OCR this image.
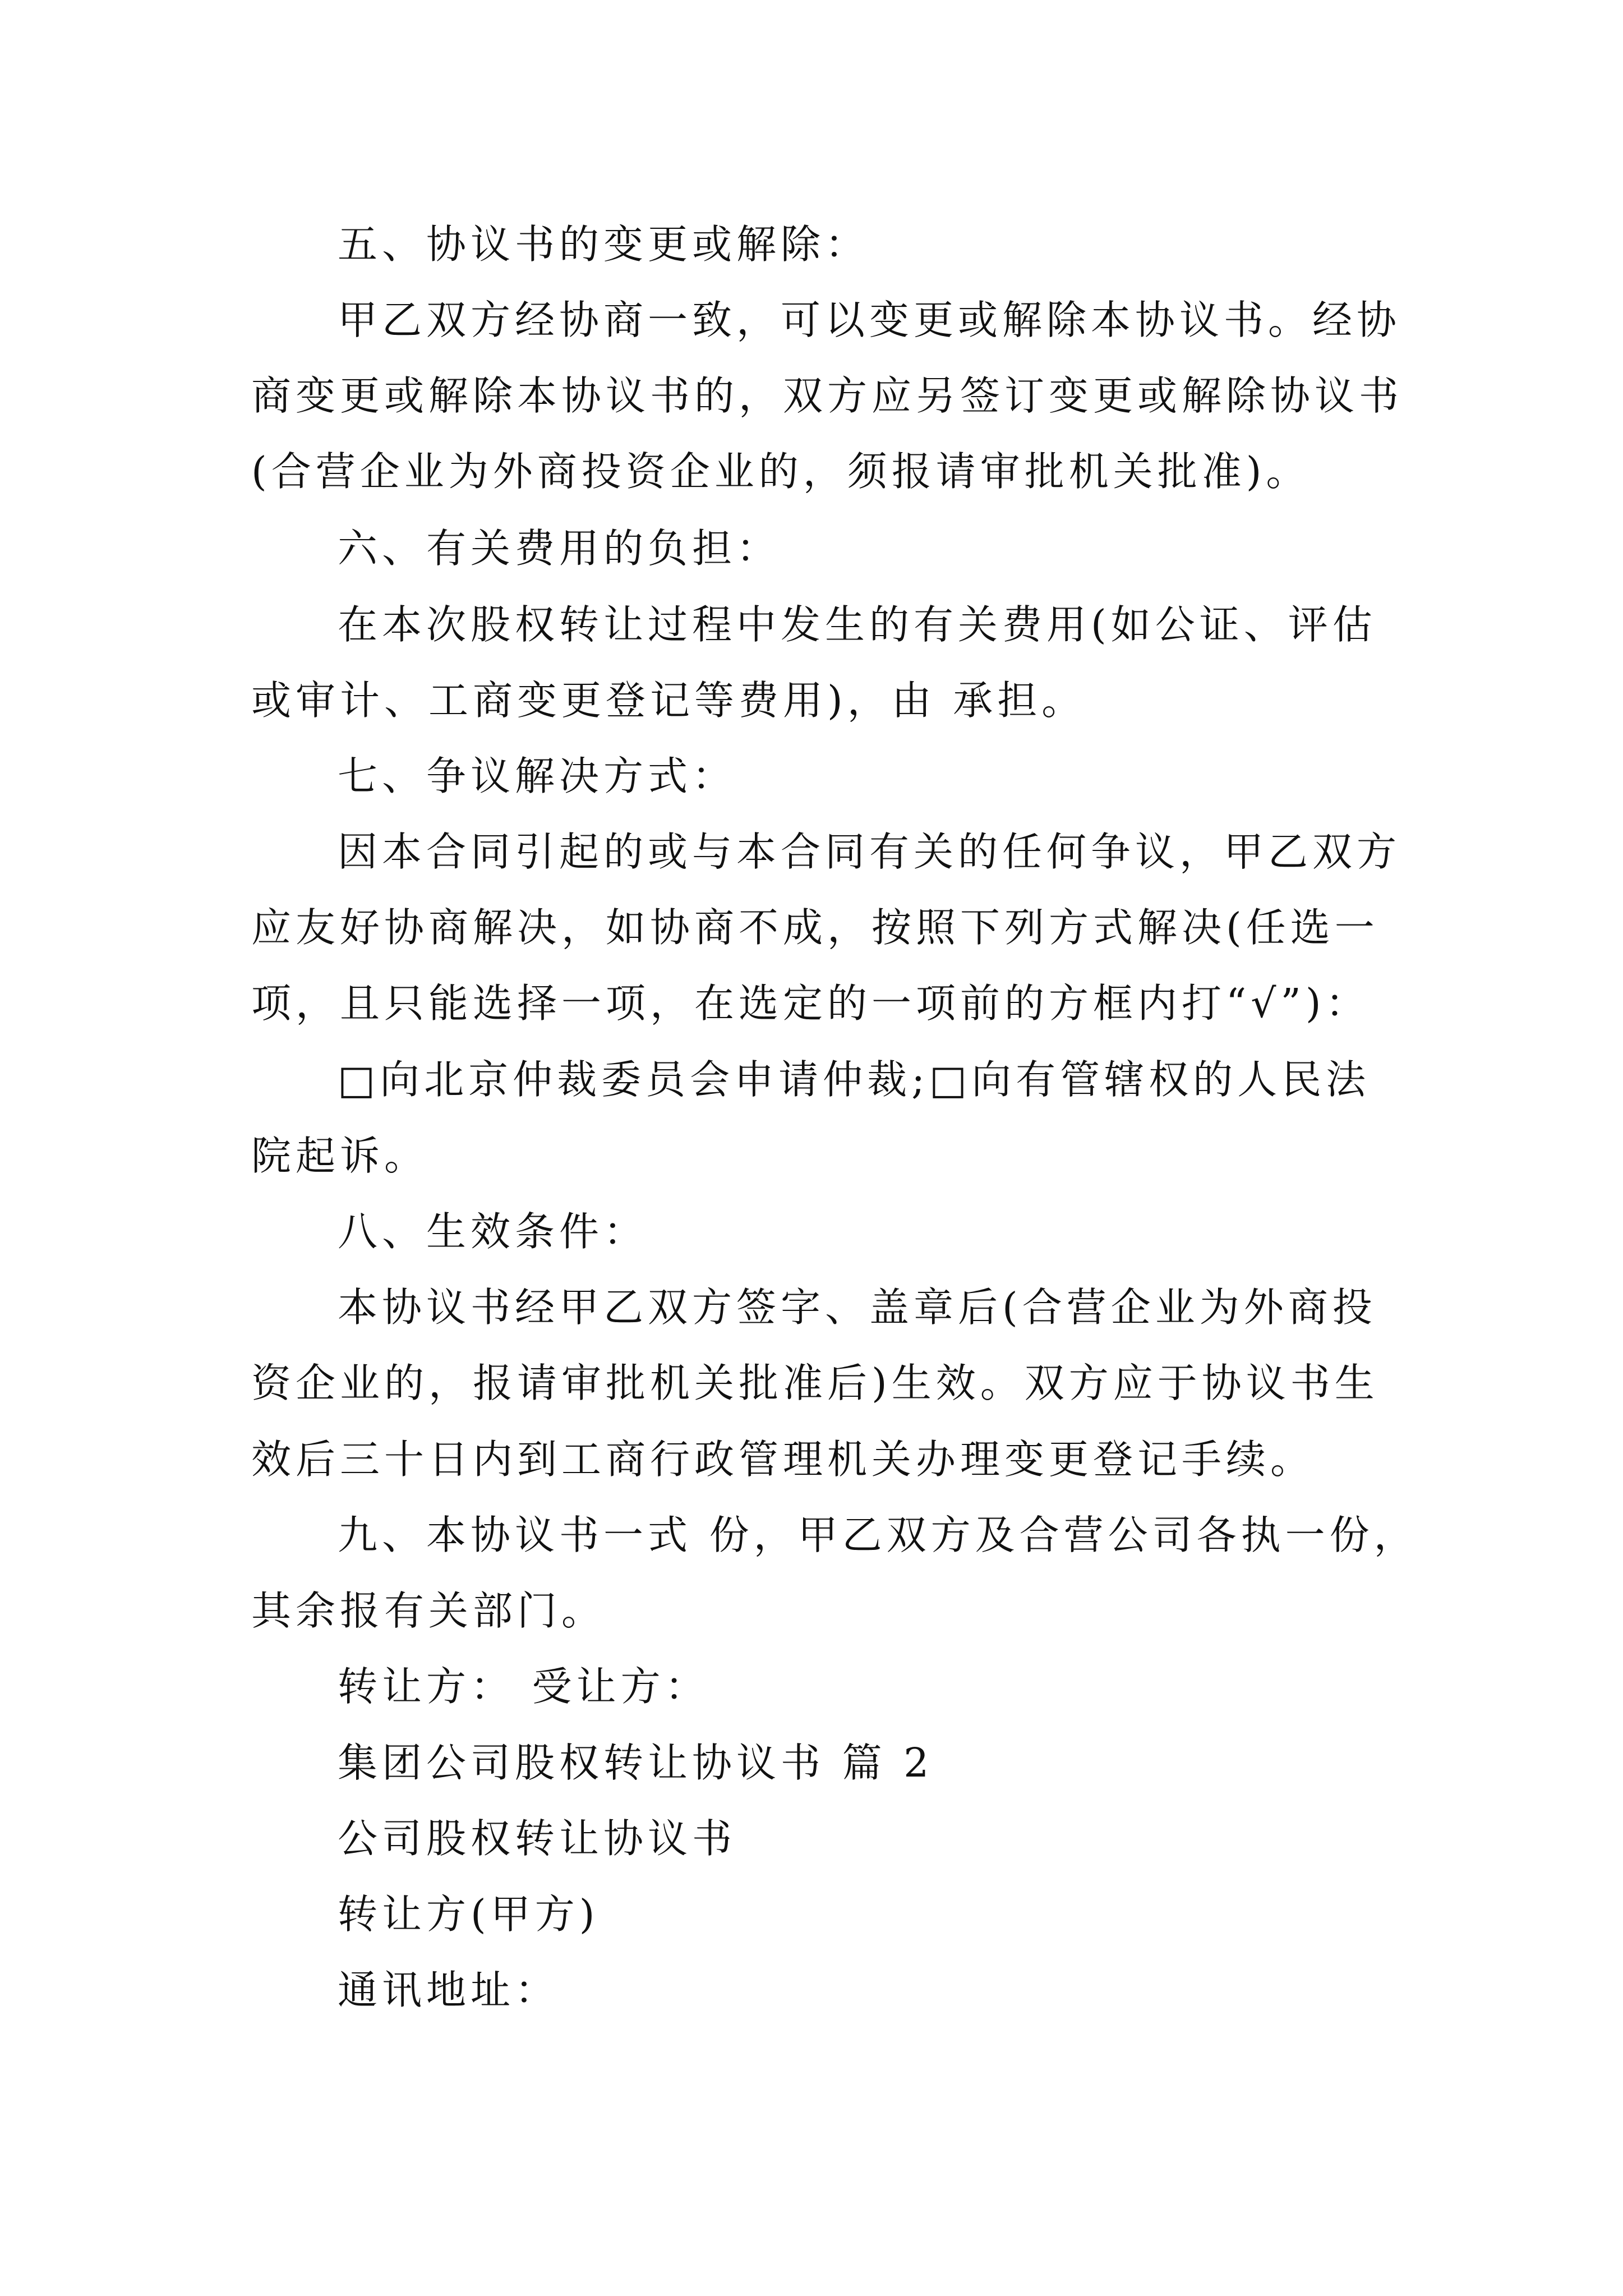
五、协议书的变更或解除：
甲乙双方经协商一致，可以变更或解除本协议书。经协
商变更或解除本协议书的，双方应另签订变更或解除协议书
(合营企业为外商投资企业的，须报请审批机关批准)。
六、有关费用的负担：
在本次股权转让过程中发生的有关费用(如公证、评估
或审计、工商变更登记等费用)，由 承担。
七、争议解决方式：
因本合同引起的或与本合同有关的任何争议，甲乙双方
应友好协商解决，如协商不成，按照下列方式解决(任选一
项，且只能选择一项，在选定的一项前的方框内打“√”)：
□向北京仲裁委员会申请仲裁;□向有管辖权的人民法
院起诉。
八、生效条件：
本协议书经甲乙双方签字、盖章后(合营企业为外商投
资企业的，报请审批机关批准后)生效。双方应于协议书生
效后三十日内到工商行政管理机关办理变更登记手续。
九、本协议书一式 份，甲乙双方及合营公司各执一份，
其余报有关部门。
转让方： 受让方：
集团公司股权转让协议书 篇 2
公司股权转让协议书
转让方(甲方)
通讯地址：
